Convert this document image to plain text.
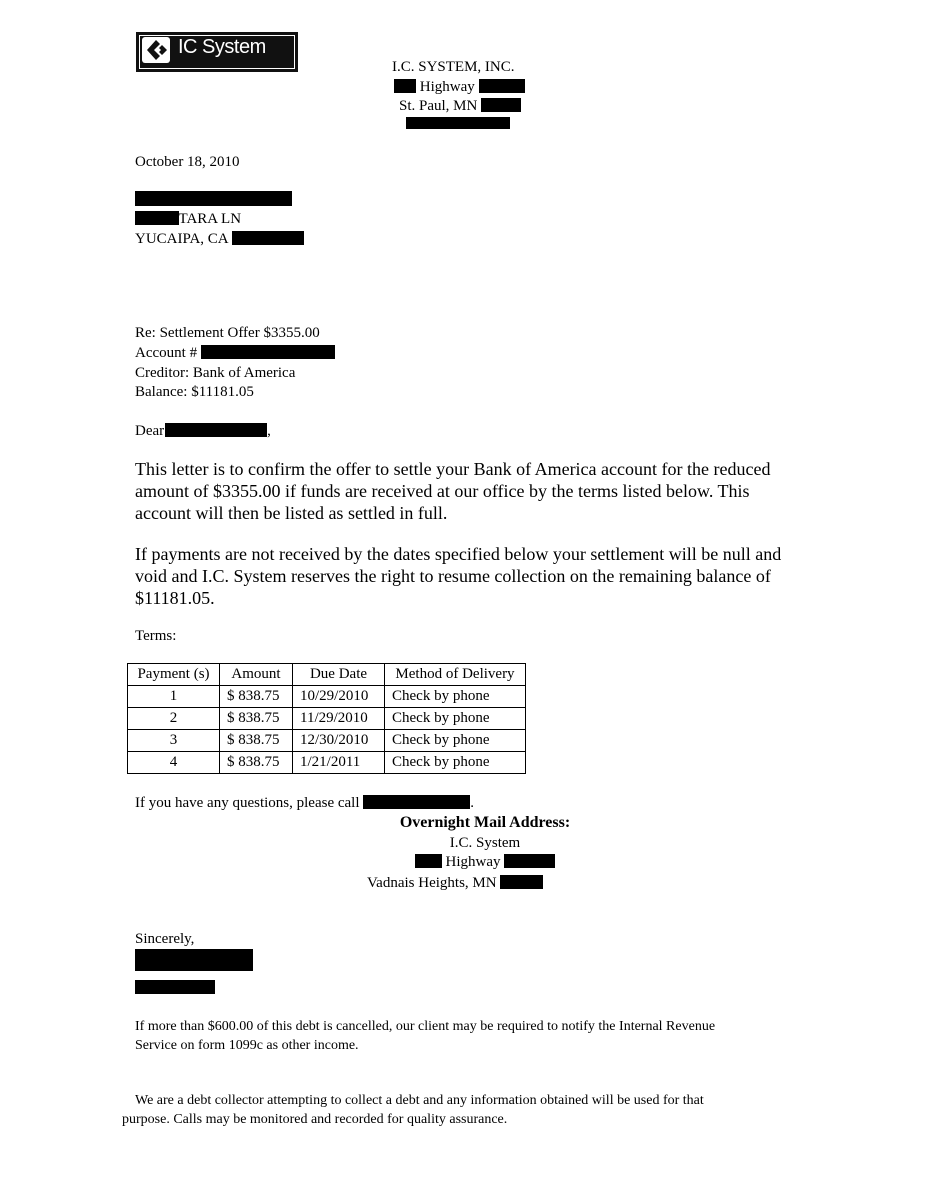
IC System
I.C. SYSTEM, INC.
Highway
St. Paul, MN
October 18, 2010
TARA LN
YUCAIPA, CA
Re: Settlement Offer $3355.00
Account #
Creditor: Bank of America
Balance: $11181.05
Dear	,
This letter is to confirm the offer to settle your Bank of America account for the reduced
amount of $3355.00 if funds are received at our office by the terms listed below. This
account will then be listed as settled in full.
If payments are not received by the dates specified below your settlement will be null and
void and I.C. System reserves the right to resume collection on the remaining balance of
$11181.05.
Terms:
Payment (s)	Amount	Due Date	Method of Delivery
1	$ 838.75	10/29/2010	Check by phone
2	$ 838.75	11/29/2010	Check by phone
3	$ 838.75	12/30/2010	Check by phone
4	$ 838.75	1/21/2011	Check by phone
If you have any questions, please call	.
Overnight Mail Address:
I.C. System
Highway
Vadnais Heights, MN
Sincerely,
If more than $600.00 of this debt is cancelled, our client may be required to notify the Internal Revenue
Service on form 1099c as other income.
We are a debt collector attempting to collect a debt and any information obtained will be used for that
purpose. Calls may be monitored and recorded for quality assurance.
